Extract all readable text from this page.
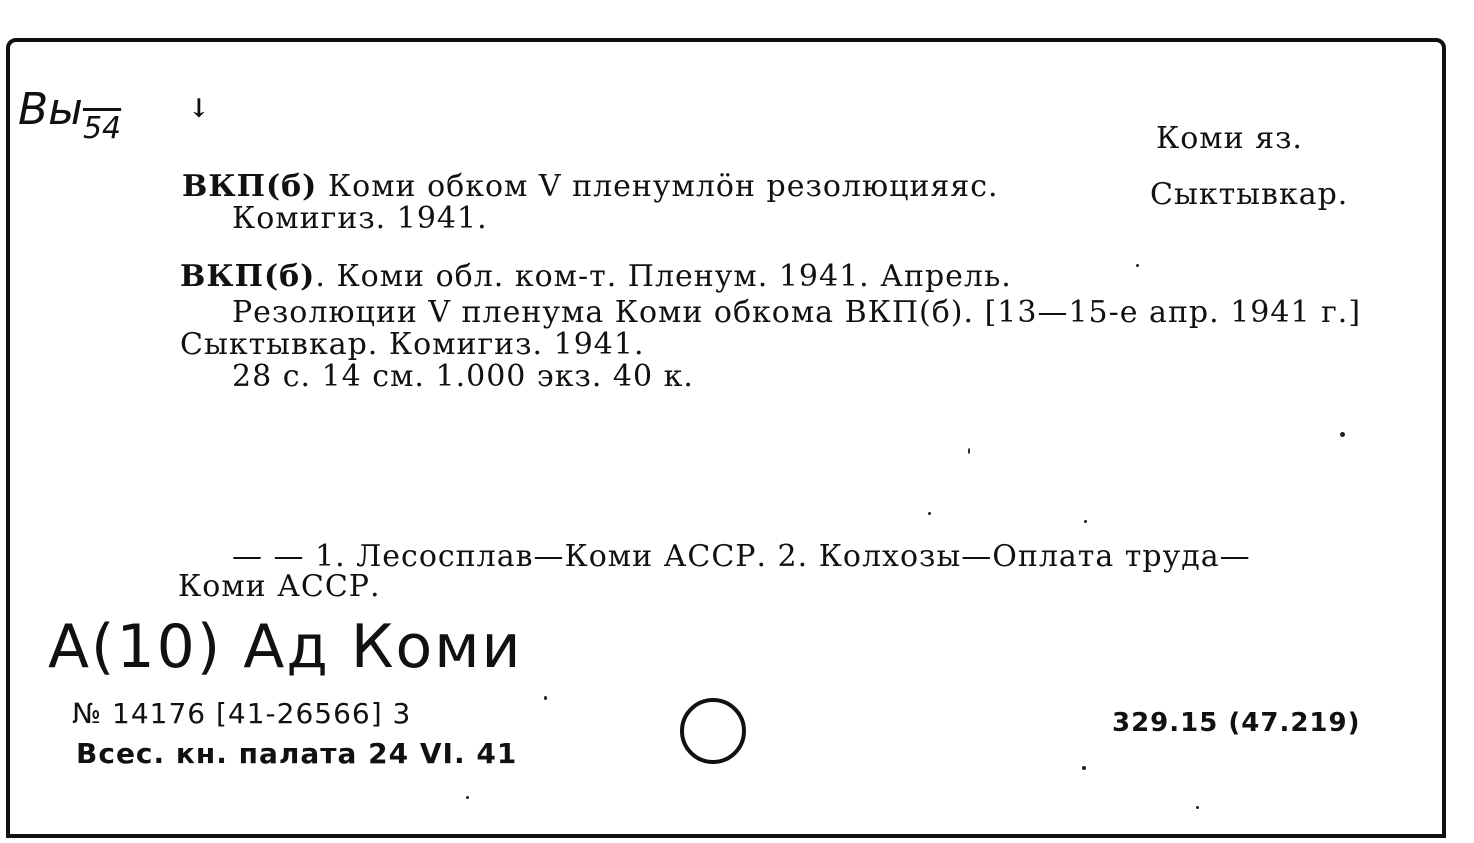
$Вы_{54}$
↓
Коми яз.
ВКП(б) Коми обком V пленумлӧн резолюцияяс.	Сыктывкар.
Комигиз. 1941.
ВКП(б). Коми обл. ком-т. Пленум. 1941. Апрель.
Резолюции V пленума Коми обкома ВКП(б). [13—15-е апр. 1941 г.]
Сыктывкар. Комигиз. 1941.
28 с. 14 см. 1.000 экз. 40 к.
— — 1. Лесосплав—Коми АССР. 2. Колхозы—Оплата труда—
Коми АССР.
А(10) Ад Коми
№ 14176 [41-26566] 3
Всес. кн. палата 24 VI. 41
329.15 (47.219)
